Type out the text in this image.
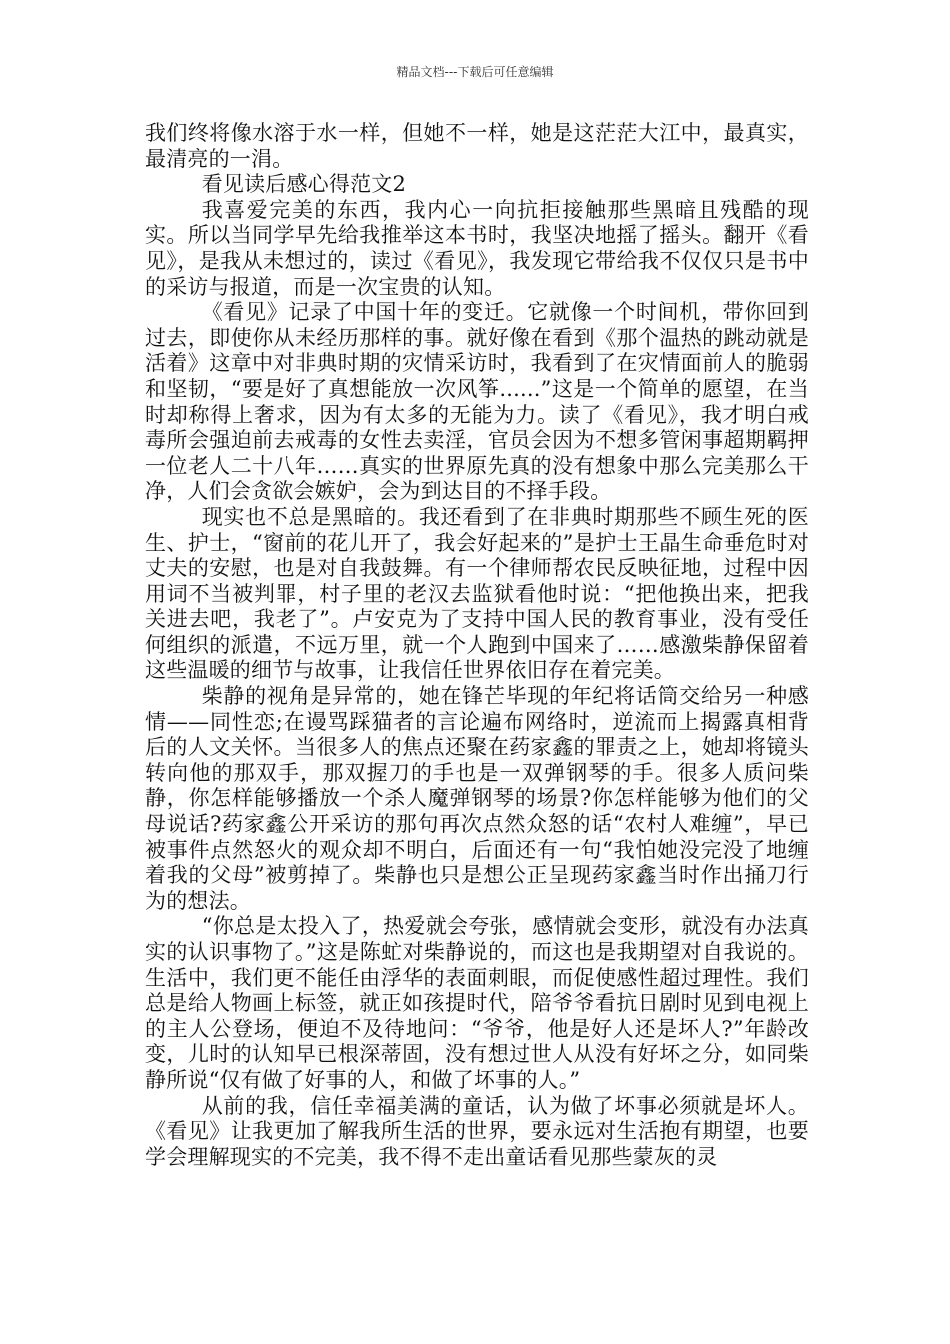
精品文档---下载后可任意编辑

我们终将像水溶于水一样，但她不一样，她是这茫茫大江中，最真实，最清亮的一涓。

看见读后感心得范文2

我喜爱完美的东西，我内心一向抗拒接触那些黑暗且残酷的现实。所以当同学早先给我推举这本书时，我坚决地摇了摇头。翻开《看见》，是我从未想过的，读过《看见》，我发现它带给我不仅仅只是书中的采访与报道，而是一次宝贵的认知。

《看见》记录了中国十年的变迁。它就像一个时间机，带你回到过去，即使你从未经历那样的事。就好像在看到《那个温热的跳动就是活着》这章中对非典时期的灾情采访时，我看到了在灾情面前人的脆弱和坚韧，“要是好了真想能放一次风筝......”这是一个简单的愿望，在当时却称得上奢求，因为有太多的无能为力。读了《看见》，我才明白戒毒所会强迫前去戒毒的女性去卖淫，官员会因为不想多管闲事超期羁押一位老人二十八年……真实的世界原先真的没有想象中那么完美那么干净，人们会贪欲会嫉妒，会为到达目的不择手段。

现实也不总是黑暗的。我还看到了在非典时期那些不顾生死的医生、护士，“窗前的花儿开了，我会好起来的”是护士王晶生命垂危时对丈夫的安慰，也是对自我鼓舞。有一个律师帮农民反映征地，过程中因用词不当被判罪，村子里的老汉去监狱看他时说：“把他换出来，把我关进去吧，我老了”。卢安克为了支持中国人民的教育事业，没有受任何组织的派遣，不远万里，就一个人跑到中国来了……感激柴静保留着这些温暖的细节与故事，让我信任世界依旧存在着完美。

柴静的视角是异常的，她在锋芒毕现的年纪将话筒交给另一种感情——同性恋;在谩骂踩猫者的言论遍布网络时，逆流而上揭露真相背后的人文关怀。当很多人的焦点还聚在药家鑫的罪责之上，她却将镜头转向他的那双手，那双握刀的手也是一双弹钢琴的手。很多人质问柴静，你怎样能够播放一个杀人魔弹钢琴的场景?你怎样能够为他们的父母说话?药家鑫公开采访的那句再次点然众怒的话“农村人难缠”，早已被事件点然怒火的观众却不明白，后面还有一句“我怕她没完没了地缠着我的父母”被剪掉了。柴静也只是想公正呈现药家鑫当时作出捅刀行为的想法。

“你总是太投入了，热爱就会夸张，感情就会变形，就没有办法真实的认识事物了。”这是陈虻对柴静说的，而这也是我期望对自我说的。生活中，我们更不能任由浮华的表面刺眼，而促使感性超过理性。我们总是给人物画上标签，就正如孩提时代，陪爷爷看抗日剧时见到电视上的主人公登场，便迫不及待地问：“爷爷，他是好人还是坏人?”年龄改变，儿时的认知早已根深蒂固，没有想过世人从没有好坏之分，如同柴静所说“仅有做了好事的人，和做了坏事的人。”

从前的我，信任幸福美满的童话，认为做了坏事必须就是坏人。《看见》让我更加了解我所生活的世界，要永远对生活抱有期望，也要学会理解现实的不完美，我不得不走出童话看见那些蒙灰的灵
